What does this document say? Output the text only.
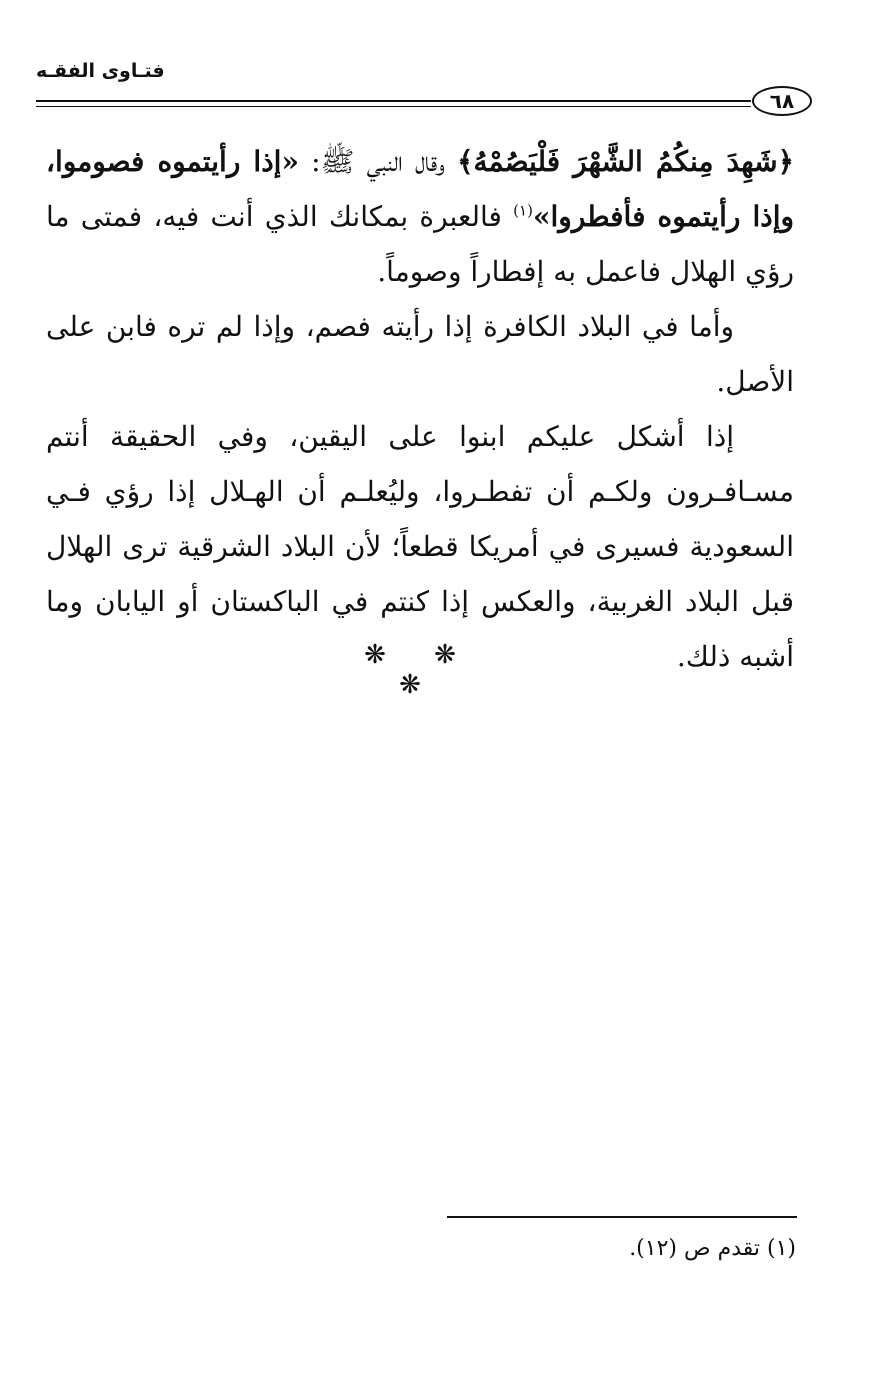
فتـاوى الفقـه
٦٨

﴿شَهِدَ مِنكُمُ الشَّهْرَ فَلْيَصُمْهُ﴾ وقال النبي ﷺ: «إذا رأيتموه فصوموا، وإذا رأيتموه فأفطروا»$^{(١)}$ فالعبرة بمكانك الذي أنت فيه، فمتى ما رؤي الهلال فاعمل به إفطاراً وصوماً.

وأما في البلاد الكافرة إذا رأيته فصم، وإذا لم تره فابن على الأصل.

إذا أشكل عليكم ابنوا على اليقين، وفي الحقيقة أنتم مسـافـرون ولكـم أن تفطـروا، وليُعلـم أن الهـلال إذا رؤي فـي السعودية فسيرى في أمريكا قطعاً؛ لأن البلاد الشرقية ترى الهلال قبل البلاد الغربية، والعكس إذا كنتم في الباكستان أو اليابان وما أشبه ذلك.

❋ ❋ ❋
(١) تقدم ص (١٢).
